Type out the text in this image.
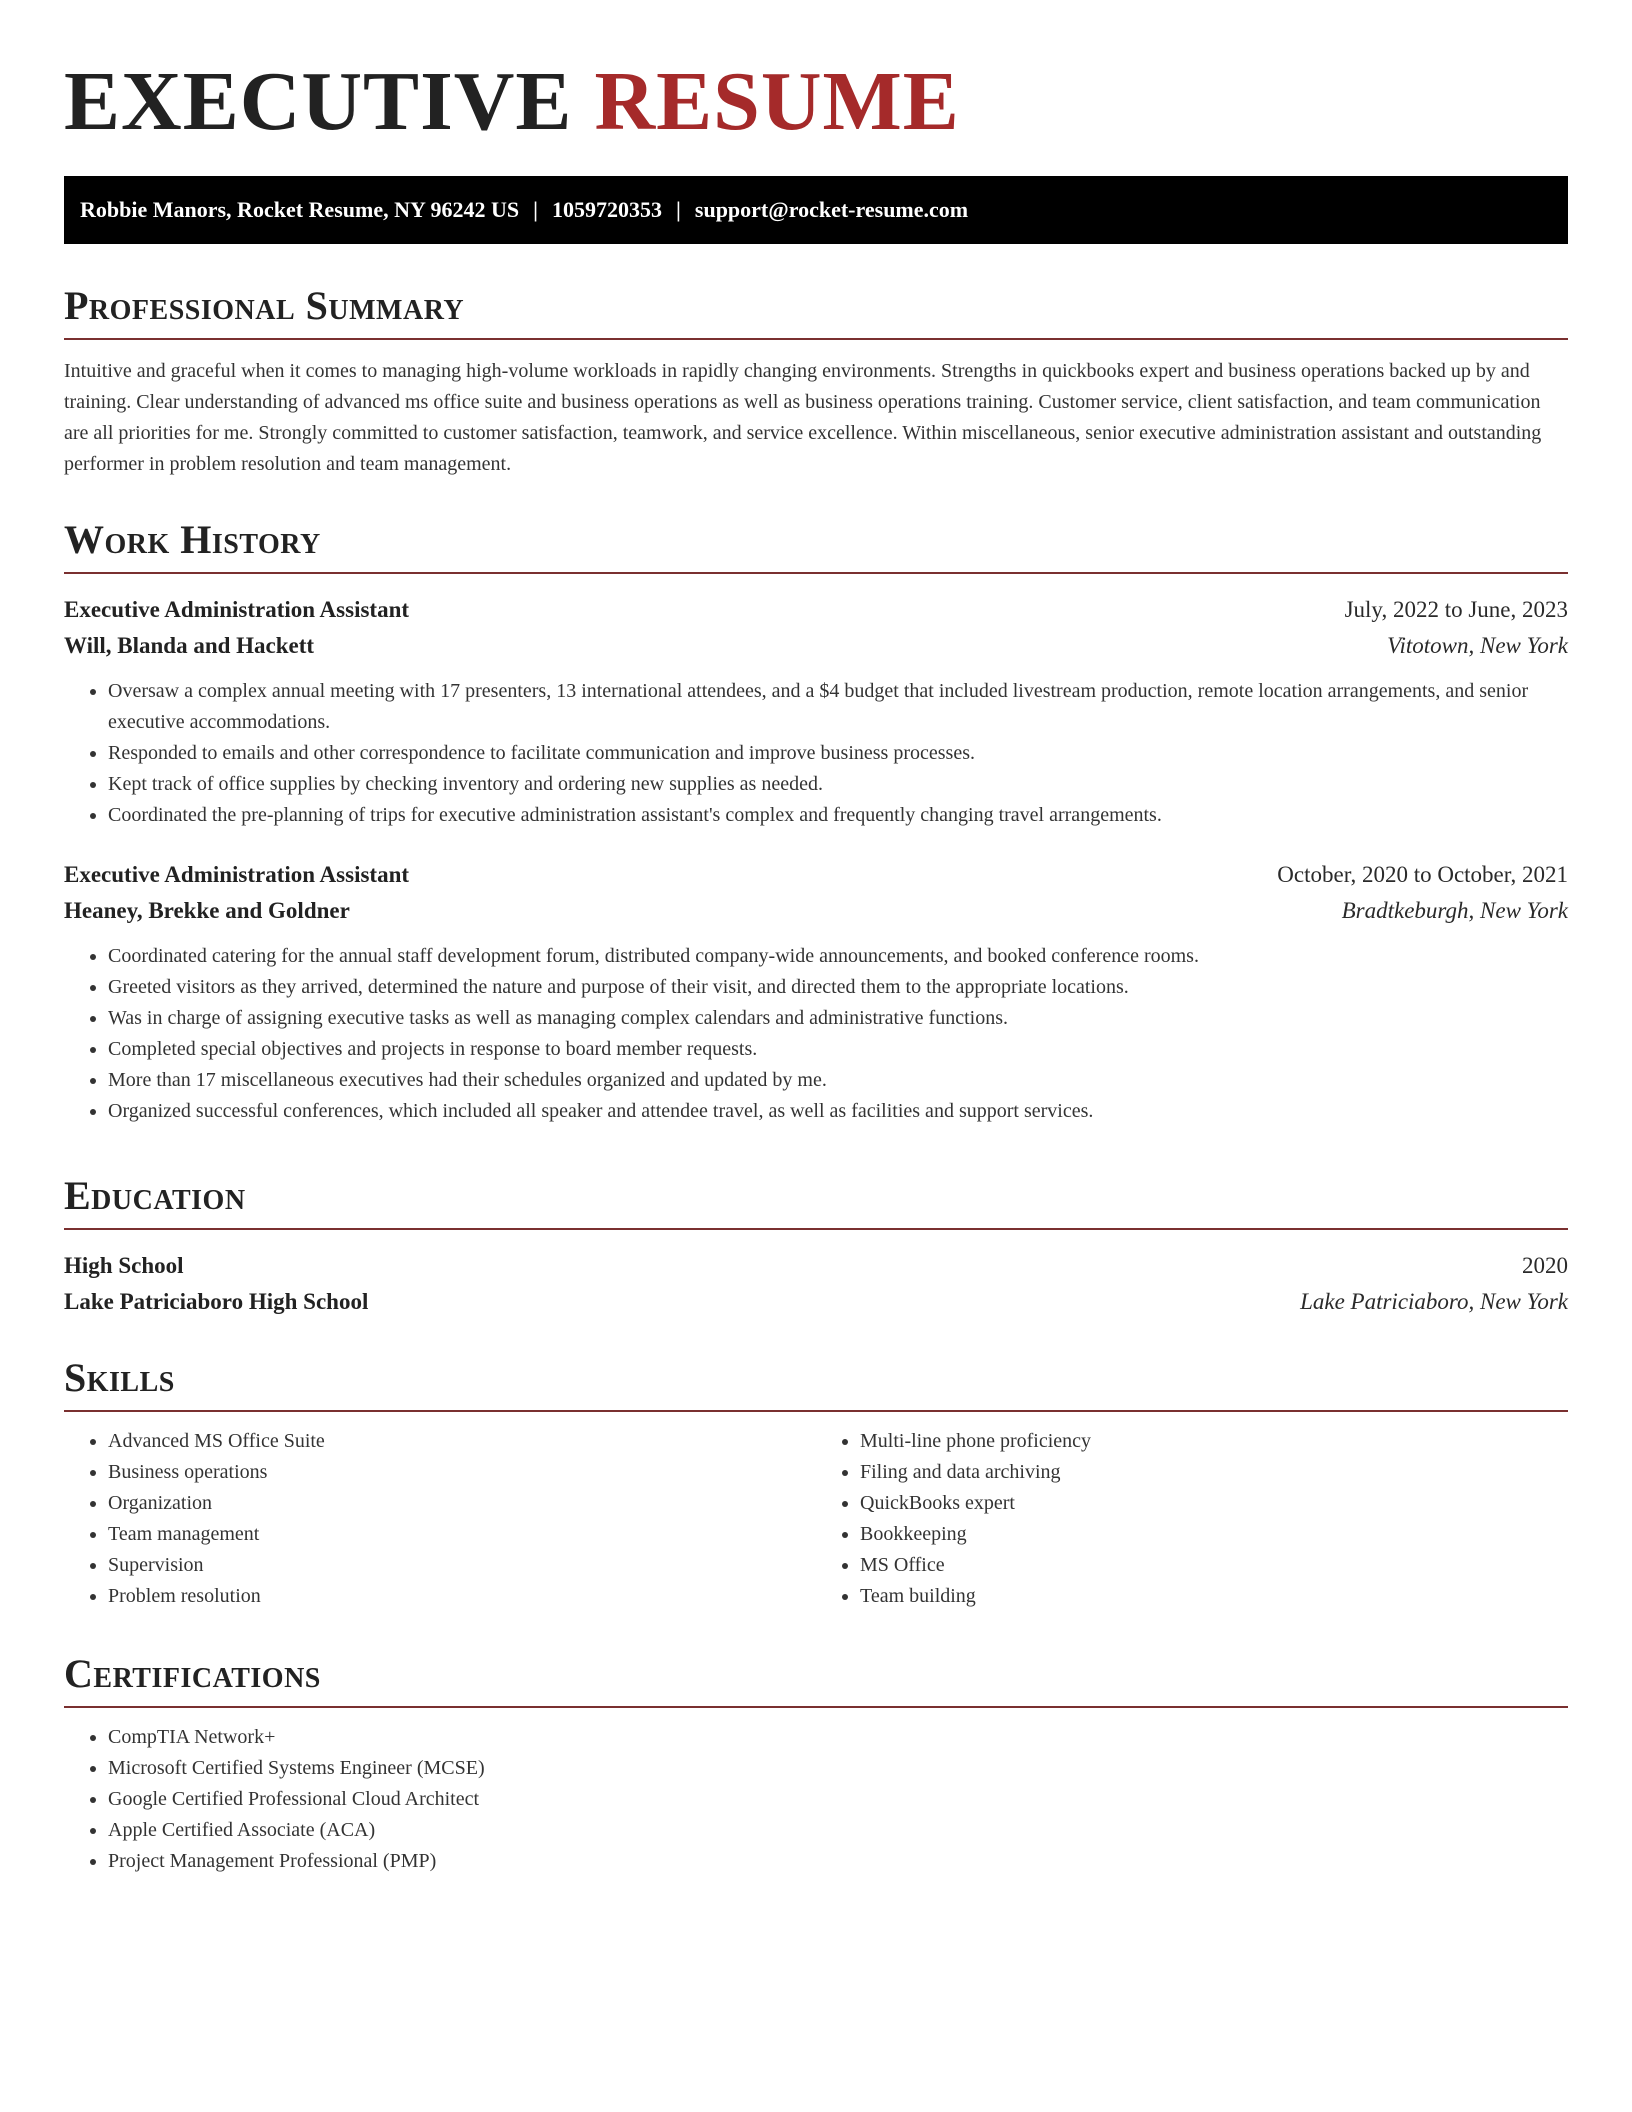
EXECUTIVE RESUME
Robbie Manors, Rocket Resume, NY 96242 US | 1059720353 | support@rocket-resume.com
Professional Summary

Intuitive and graceful when it comes to managing high-volume workloads in rapidly changing environments. Strengths in quickbooks expert and business operations backed up by and training. Clear understanding of advanced ms office suite and business operations as well as business operations training. Customer service, client satisfaction, and team communication are all priorities for me. Strongly committed to customer satisfaction, teamwork, and service excellence. Within miscellaneous, senior executive administration assistant and outstanding performer in problem resolution and team management.

Work History
Executive Administration Assistant	July, 2022 to June, 2023
Will, Blanda and Hackett	Vitotown, New York
• Oversaw a complex annual meeting with 17 presenters, 13 international attendees, and a $4 budget that included livestream production, remote location arrangements, and senior executive accommodations.
• Responded to emails and other correspondence to facilitate communication and improve business processes.
• Kept track of office supplies by checking inventory and ordering new supplies as needed.
• Coordinated the pre-planning of trips for executive administration assistant's complex and frequently changing travel arrangements.
Executive Administration Assistant	October, 2020 to October, 2021
Heaney, Brekke and Goldner	Bradtkeburgh, New York
• Coordinated catering for the annual staff development forum, distributed company-wide announcements, and booked conference rooms.
• Greeted visitors as they arrived, determined the nature and purpose of their visit, and directed them to the appropriate locations.
• Was in charge of assigning executive tasks as well as managing complex calendars and administrative functions.
• Completed special objectives and projects in response to board member requests.
• More than 17 miscellaneous executives had their schedules organized and updated by me.
• Organized successful conferences, which included all speaker and attendee travel, as well as facilities and support services.
Education
High School	2020
Lake Patriciaboro High School	Lake Patriciaboro, New York
Skills
• Advanced MS Office Suite
• Business operations
• Organization
• Team management
• Supervision
• Problem resolution
• Multi-line phone proficiency
• Filing and data archiving
• QuickBooks expert
• Bookkeeping
• MS Office
• Team building
Certifications
• CompTIA Network+
• Microsoft Certified Systems Engineer (MCSE)
• Google Certified Professional Cloud Architect
• Apple Certified Associate (ACA)
• Project Management Professional (PMP)
